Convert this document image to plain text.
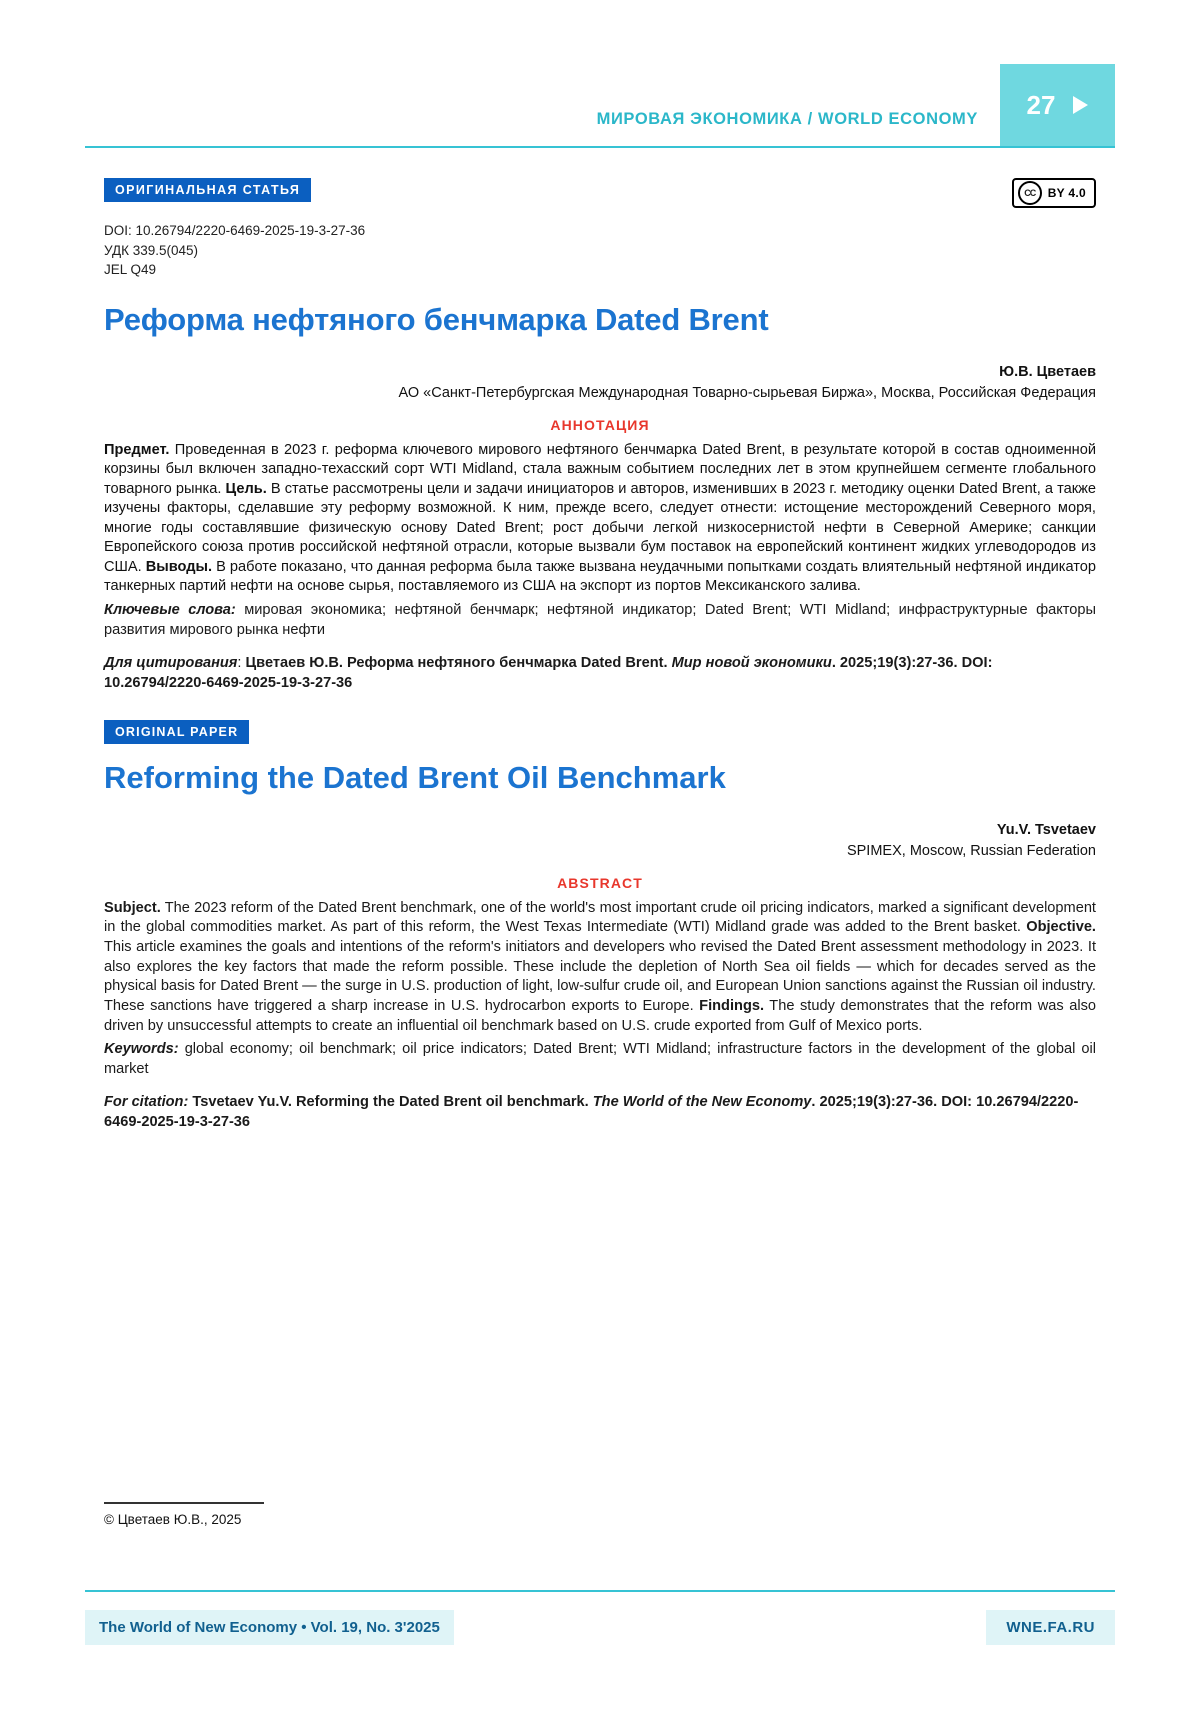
МИРОВАЯ ЭКОНОМИКА / WORLD ECONOMY 27
ОРИГИНАЛЬНАЯ СТАТЬЯ	CC	BY 4.0
DOI: 10.26794/2220-6469-2025-19-3-27-36
УДК 339.5(045)
JEL Q49
Реформа нефтяного бенчмарка Dated Brent
Ю.В. Цветаев
АО «Санкт-Петербургская Международная Товарно-сырьевая Биржа», Москва, Российская Федерация
АННОТАЦИЯ
Предмет. Проведенная в 2023 г. реформа ключевого мирового нефтяного бенчмарка Dated Brent, в результате которой в состав одноименной корзины был включен западно-техасский сорт WTI Midland, стала важным событием последних лет в этом крупнейшем сегменте глобального товарного рынка. Цель. В статье рассмотрены цели и задачи инициаторов и авторов, изменивших в 2023 г. методику оценки Dated Brent, а также изучены факторы, сделавшие эту реформу возможной. К ним, прежде всего, следует отнести: истощение месторождений Северного моря, многие годы составлявшие физическую основу Dated Brent; рост добычи легкой низкосернистой нефти в Северной Америке; санкции Европейского союза против российской нефтяной отрасли, которые вызвали бум поставок на европейский континент жидких углеводородов из США. Выводы. В работе показано, что данная реформа была также вызвана неудачными попытками создать влиятельный нефтяной индикатор танкерных партий нефти на основе сырья, поставляемого из США на экспорт из портов Мексиканского залива.
Ключевые слова: мировая экономика; нефтяной бенчмарк; нефтяной индикатор; Dated Brent; WTI Midland; инфраструктурные факторы развития мирового рынка нефти
Для цитирования: Цветаев Ю.В. Реформа нефтяного бенчмарка Dated Brent. Мир новой экономики. 2025;19(3):27-36. DOI: 10.26794/2220-6469-2025-19-3-27-36
ORIGINAL PAPER
Reforming the Dated Brent Oil Benchmark
Yu.V. Tsvetaev
SPIMEX, Moscow, Russian Federation
ABSTRACT
Subject. The 2023 reform of the Dated Brent benchmark, one of the world's most important crude oil pricing indicators, marked a significant development in the global commodities market. As part of this reform, the West Texas Intermediate (WTI) Midland grade was added to the Brent basket. Objective. This article examines the goals and intentions of the reform's initiators and developers who revised the Dated Brent assessment methodology in 2023. It also explores the key factors that made the reform possible. These include the depletion of North Sea oil fields — which for decades served as the physical basis for Dated Brent — the surge in U.S. production of light, low-sulfur crude oil, and European Union sanctions against the Russian oil industry. These sanctions have triggered a sharp increase in U.S. hydrocarbon exports to Europe. Findings. The study demonstrates that the reform was also driven by unsuccessful attempts to create an influential oil benchmark based on U.S. crude exported from Gulf of Mexico ports.
Keywords: global economy; oil benchmark; oil price indicators; Dated Brent; WTI Midland; infrastructure factors in the development of the global oil market
For citation: Tsvetaev Yu.V. Reforming the Dated Brent oil benchmark. The World of the New Economy. 2025;19(3):27-36. DOI: 10.26794/2220-6469-2025-19-3-27-36
© Цветаев Ю.В., 2025
The World of New Economy • Vol. 19, No. 3'2025	WNE.FA.RU
